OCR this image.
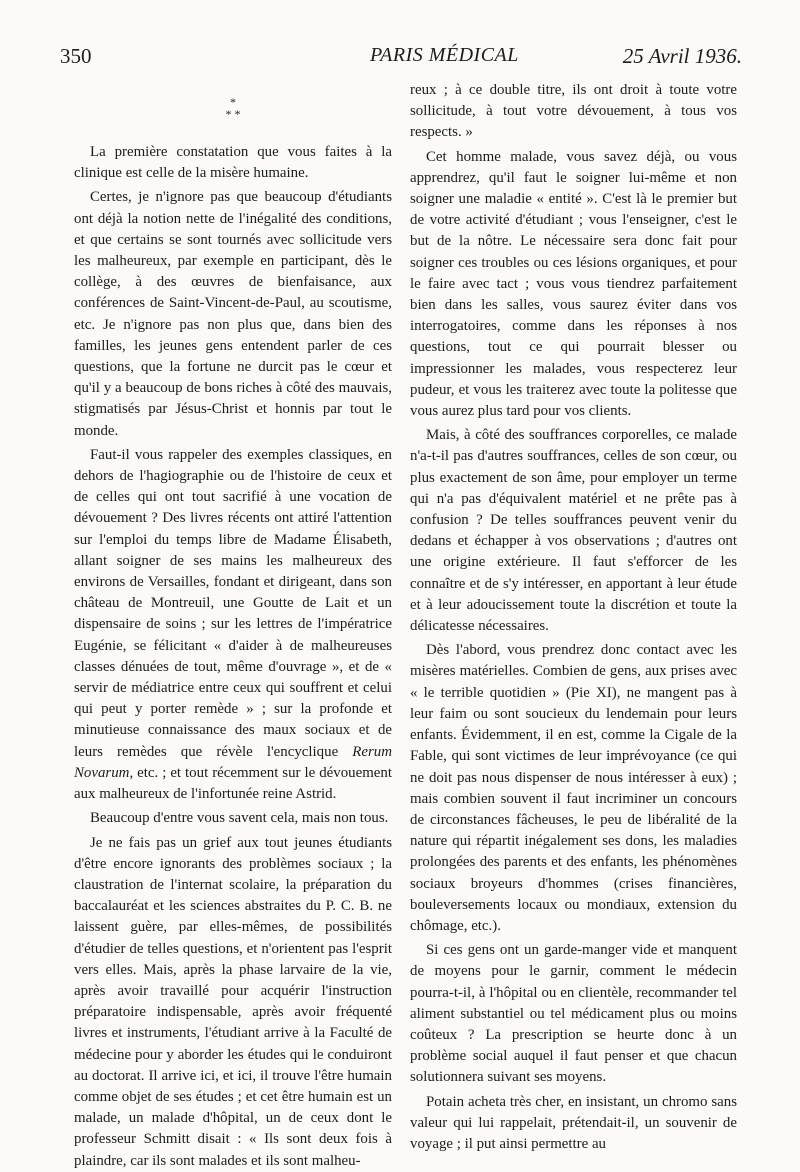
350	PARIS MÉDICAL	25 Avril 1936.
*
* *

La première constatation que vous faites à la clinique est celle de la misère humaine.

Certes, je n'ignore pas que beaucoup d'étudiants ont déjà la notion nette de l'inégalité des conditions, et que certains se sont tournés avec sollicitude vers les malheureux, par exemple en participant, dès le collège, à des œuvres de bienfaisance, aux conférences de Saint-Vincent-de-Paul, au scoutisme, etc. Je n'ignore pas non plus que, dans bien des familles, les jeunes gens entendent parler de ces questions, que la fortune ne durcit pas le cœur et qu'il y a beaucoup de bons riches à côté des mauvais, stigmatisés par Jésus-Christ et honnis par tout le monde.

Faut-il vous rappeler des exemples classiques, en dehors de l'hagiographie ou de l'histoire de ceux et de celles qui ont tout sacrifié à une vocation de dévouement ? Des livres récents ont attiré l'attention sur l'emploi du temps libre de Madame Élisabeth, allant soigner de ses mains les malheureux des environs de Versailles, fondant et dirigeant, dans son château de Montreuil, une Goutte de Lait et un dispensaire de soins ; sur les lettres de l'impératrice Eugénie, se félicitant « d'aider à de malheureuses classes dénuées de tout, même d'ouvrage », et de « servir de médiatrice entre ceux qui souffrent et celui qui peut y porter remède » ; sur la profonde et minutieuse connaissance des maux sociaux et de leurs remèdes que révèle l'encyclique Rerum Novarum, etc. ; et tout récemment sur le dévouement aux malheureux de l'infortunée reine Astrid.

Beaucoup d'entre vous savent cela, mais non tous.

Je ne fais pas un grief aux tout jeunes étudiants d'être encore ignorants des problèmes sociaux ; la claustration de l'internat scolaire, la préparation du baccalauréat et les sciences abstraites du P. C. B. ne laissent guère, par elles-mêmes, de possibilités d'étudier de telles questions, et n'orientent pas l'esprit vers elles. Mais, après la phase larvaire de la vie, après avoir travaillé pour acquérir l'instruction préparatoire indispensable, après avoir fréquenté livres et instruments, l'étudiant arrive à la Faculté de médecine pour y aborder les études qui le conduiront au doctorat. Il arrive ici, et ici, il trouve l'être humain comme objet de ses études ; et cet être humain est un malade, un malade d'hôpital, un de ceux dont le professeur Schmitt disait : « Ils sont deux fois à plaindre, car ils sont malades et ils sont malheu-

reux ; à ce double titre, ils ont droit à toute votre sollicitude, à tout votre dévouement, à tous vos respects. »

Cet homme malade, vous savez déjà, ou vous apprendrez, qu'il faut le soigner lui-même et non soigner une maladie « entité ». C'est là le premier but de votre activité d'étudiant ; vous l'enseigner, c'est le but de la nôtre. Le nécessaire sera donc fait pour soigner ces troubles ou ces lésions organiques, et pour le faire avec tact ; vous vous tiendrez parfaitement bien dans les salles, vous saurez éviter dans vos interrogatoires, comme dans les réponses à nos questions, tout ce qui pourrait blesser ou impressionner les malades, vous respecterez leur pudeur, et vous les traiterez avec toute la politesse que vous aurez plus tard pour vos clients.

Mais, à côté des souffrances corporelles, ce malade n'a-t-il pas d'autres souffrances, celles de son cœur, ou plus exactement de son âme, pour employer un terme qui n'a pas d'équivalent matériel et ne prête pas à confusion ? De telles souffrances peuvent venir du dedans et échapper à vos observations ; d'autres ont une origine extérieure. Il faut s'efforcer de les connaître et de s'y intéresser, en apportant à leur étude et à leur adoucissement toute la discrétion et toute la délicatesse nécessaires.

Dès l'abord, vous prendrez donc contact avec les misères matérielles. Combien de gens, aux prises avec « le terrible quotidien » (Pie XI), ne mangent pas à leur faim ou sont soucieux du lendemain pour leurs enfants. Évidemment, il en est, comme la Cigale de la Fable, qui sont victimes de leur imprévoyance (ce qui ne doit pas nous dispenser de nous intéresser à eux) ; mais combien souvent il faut incriminer un concours de circonstances fâcheuses, le peu de libéralité de la nature qui répartit inégalement ses dons, les maladies prolongées des parents et des enfants, les phénomènes sociaux broyeurs d'hommes (crises financières, bouleversements locaux ou mondiaux, extension du chômage, etc.).

Si ces gens ont un garde-manger vide et manquent de moyens pour le garnir, comment le médecin pourra-t-il, à l'hôpital ou en clientèle, recommander tel aliment substantiel ou tel médicament plus ou moins coûteux ? La prescription se heurte donc à un problème social auquel il faut penser et que chacun solutionnera suivant ses moyens.

Potain acheta très cher, en insistant, un chromo sans valeur qui lui rappelait, prétendait-il, un souvenir de voyage ; il put ainsi permettre au
